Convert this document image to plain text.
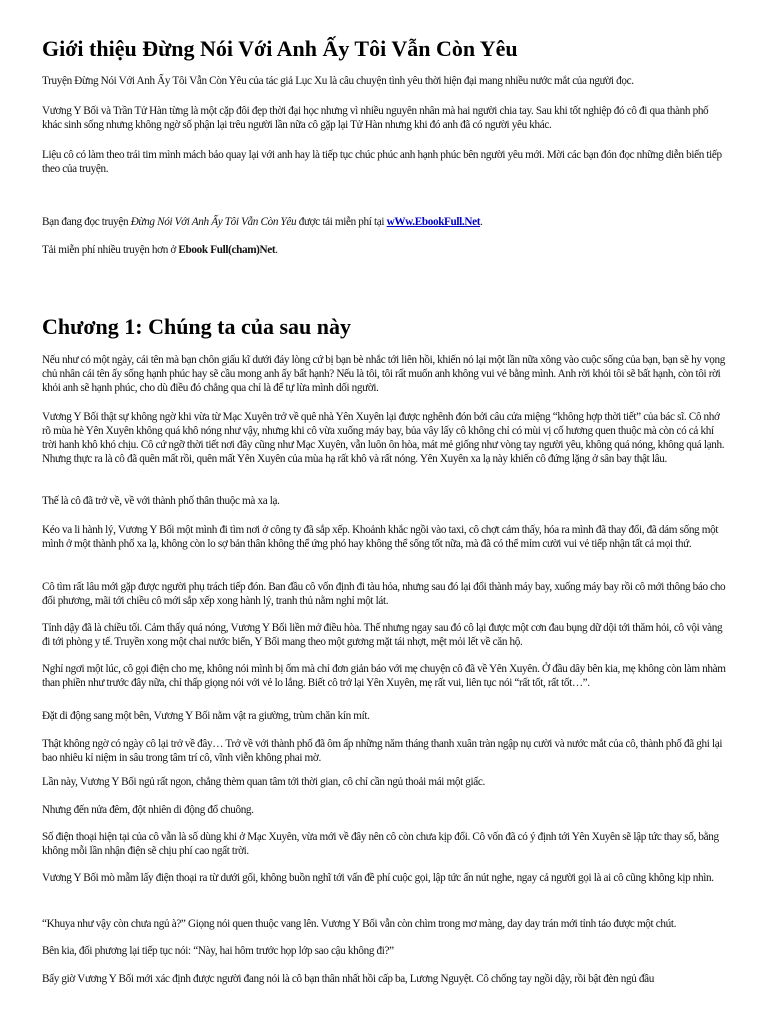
Giới thiệu Đừng Nói Với Anh Ấy Tôi Vẫn Còn Yêu

Truyện Đừng Nói Với Anh Ấy Tôi Vẫn Còn Yêu của tác giả Lục Xu là câu chuyện tình yêu thời hiện đại mang nhiều nước mắt của người đọc.

Vương Y Bối và Trần Tử Hàn từng là một cặp đôi đẹp thời đại học nhưng vì nhiều nguyên nhân mà hai người chia tay. Sau khi tốt nghiệp đó cô đi qua thành phố khác sinh sống nhưng không ngờ số phận lại trêu người lần nữa cô gặp lại Tử Hàn nhưng khi đó anh đã có người yêu khác.

Liệu cô có làm theo trái tim mình mách bảo quay lại với anh hay là tiếp tục chúc phúc anh hạnh phúc bên người yêu mới. Mời các bạn đón đọc những diễn biến tiếp theo của truyện.

Bạn đang đọc truyện Đừng Nói Với Anh Ấy Tôi Vẫn Còn Yêu được tải miễn phí tại wWw.EbookFull.Net.

Tải miễn phí nhiều truyện hơn ở Ebook Full(cham)Net.

Chương 1: Chúng ta của sau này

Nếu như có một ngày, cái tên mà bạn chôn giấu kĩ dưới đáy lòng cứ bị bạn bè nhắc tới liên hồi, khiến nó lại một lần nữa xông vào cuộc sống của bạn, bạn sẽ hy vọng chủ nhân cái tên ấy sống hạnh phúc hay sẽ cầu mong anh ấy bất hạnh? Nếu là tôi, tôi rất muốn anh không vui vẻ bằng mình. Anh rời khỏi tôi sẽ bất hạnh, còn tôi rời khỏi anh sẽ hạnh phúc, cho dù điều đó chẳng qua chỉ là để tự lừa mình dối người.

Vương Y Bối thật sự không ngờ khi vừa từ Mạc Xuyên trở về quê nhà Yên Xuyên lại được nghênh đón bởi câu cửa miệng “không hợp thời tiết” của bác sĩ. Cô nhớ rõ mùa hè Yên Xuyên không quá khô nóng như vậy, nhưng khi cô vừa xuống máy bay, bủa vây lấy cô không chỉ có mùi vị cố hương quen thuộc mà còn có cả khí trời hanh khô khó chịu. Cô cứ ngỡ thời tiết nơi đây cũng như Mạc Xuyên, vẫn luôn ôn hòa, mát mẻ giống như vòng tay người yêu, không quá nóng, không quá lạnh. Nhưng thực ra là cô đã quên mất rồi, quên mất Yên Xuyên của mùa hạ rất khô và rất nóng. Yên Xuyên xa lạ này khiến cô đứng lặng ở sân bay thật lâu.

Thế là cô đã trở về, về với thành phố thân thuộc mà xa lạ.

Kéo va li hành lý, Vương Y Bối một mình đi tìm nơi ở công ty đã sắp xếp. Khoảnh khắc ngồi vào taxi, cô chợt cảm thấy, hóa ra mình đã thay đổi, đã dám sống một mình ở một thành phố xa lạ, không còn lo sợ bản thân không thể ứng phó hay không thể sống tốt nữa, mà đã có thể mỉm cười vui vẻ tiếp nhận tất cả mọi thứ.

Cô tìm rất lâu mới gặp được người phụ trách tiếp đón. Ban đầu cô vốn định đi tàu hỏa, nhưng sau đó lại đổi thành máy bay, xuống máy bay rồi cô mới thông báo cho đối phương, mãi tới chiều cô mới sắp xếp xong hành lý, tranh thủ nằm nghỉ một lát.

Tỉnh dậy đã là chiều tối. Cảm thấy quá nóng, Vương Y Bối liền mở điều hòa. Thế nhưng ngay sau đó cô lại được một cơn đau bụng dữ dội tới thăm hỏi, cô vội vàng đi tới phòng y tế. Truyền xong một chai nước biển, Y Bối mang theo một gương mặt tái nhợt, mệt mỏi lết về căn hộ.

Nghỉ ngơi một lúc, cô gọi điện cho mẹ, không nói mình bị ốm mà chỉ đơn giản báo với mẹ chuyện cô đã về Yên Xuyên. Ở đầu dây bên kia, mẹ không còn làm nhàm than phiền như trước đây nữa, chỉ thấp giọng nói với vẻ lo lắng. Biết cô trở lại Yên Xuyên, mẹ rất vui, liên tục nói “rất tốt, rất tốt…”.

Đặt di động sang một bên, Vương Y Bối nằm vật ra giường, trùm chăn kín mít.

Thật không ngờ có ngày cô lại trở về đây… Trở về với thành phố đã ôm ấp những năm tháng thanh xuân tràn ngập nụ cười và nước mắt của cô, thành phố đã ghi lại bao nhiêu kỉ niệm in sâu trong tâm trí cô, vĩnh viễn không phai mờ.

Lần này, Vương Y Bối ngủ rất ngon, chẳng thèm quan tâm tới thời gian, cô chỉ cần ngủ thoải mái một giấc.

Nhưng đến nửa đêm, đột nhiên di động đổ chuông.

Số điện thoại hiện tại của cô vẫn là số dùng khi ở Mạc Xuyên, vừa mới về đây nên cô còn chưa kịp đổi. Cô vốn đã có ý định tới Yên Xuyên sẽ lập tức thay số, bằng không mỗi lần nhận điện sẽ chịu phí cao ngất trời.

Vương Y Bối mò mẫm lấy điện thoại ra từ dưới gối, không buồn nghĩ tới vấn đề phí cuộc gọi, lập tức ấn nút nghe, ngay cả người gọi là ai cô cũng không kịp nhìn.

“Khuya như vậy còn chưa ngủ à?” Giọng nói quen thuộc vang lên. Vương Y Bối vẫn còn chìm trong mơ màng, day day trán mới tỉnh táo được một chút.

Bên kia, đối phương lại tiếp tục nói: “Này, hai hôm trước họp lớp sao cậu không đi?”

Bấy giờ Vương Y Bối mới xác định được người đang nói là cô bạn thân nhất hồi cấp ba, Lương Nguyệt. Cô chống tay ngồi dậy, rồi bật đèn ngủ đầu
